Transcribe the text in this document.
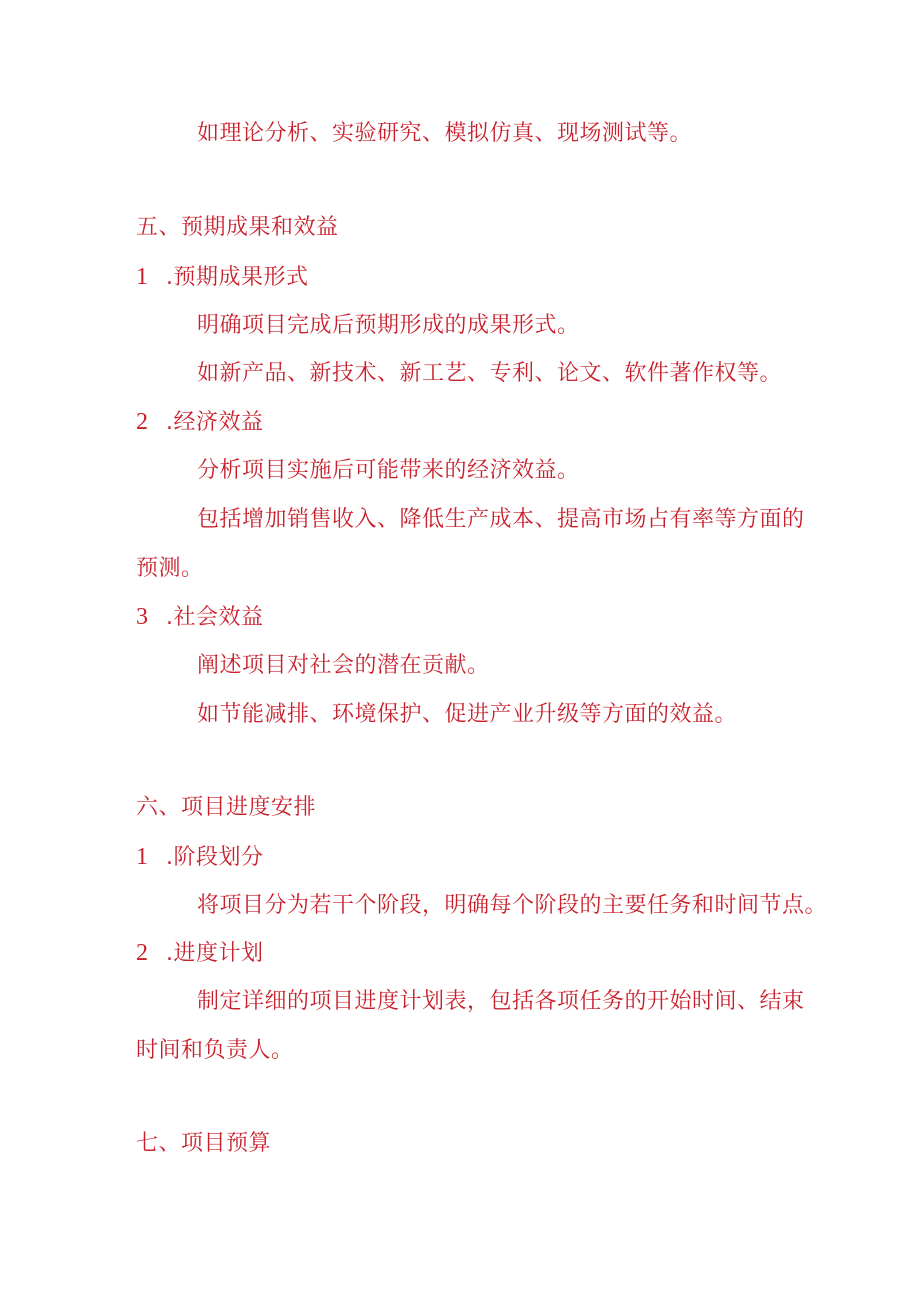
如理论分析、实验研究、模拟仿真、现场测试等。
五、预期成果和效益
1 .预期成果形式
明确项目完成后预期形成的成果形式。
如新产品、新技术、新工艺、专利、论文、软件著作权等。
2 .经济效益
分析项目实施后可能带来的经济效益。
包括增加销售收入、降低生产成本、提高市场占有率等方面的
预测。
3 .社会效益
阐述项目对社会的潜在贡献。
如节能减排、环境保护、促进产业升级等方面的效益。
六、项目进度安排
1 .阶段划分
将项目分为若干个阶段，明确每个阶段的主要任务和时间节点。
2 .进度计划
制定详细的项目进度计划表，包括各项任务的开始时间、结束
时间和负责人。
七、项目预算
